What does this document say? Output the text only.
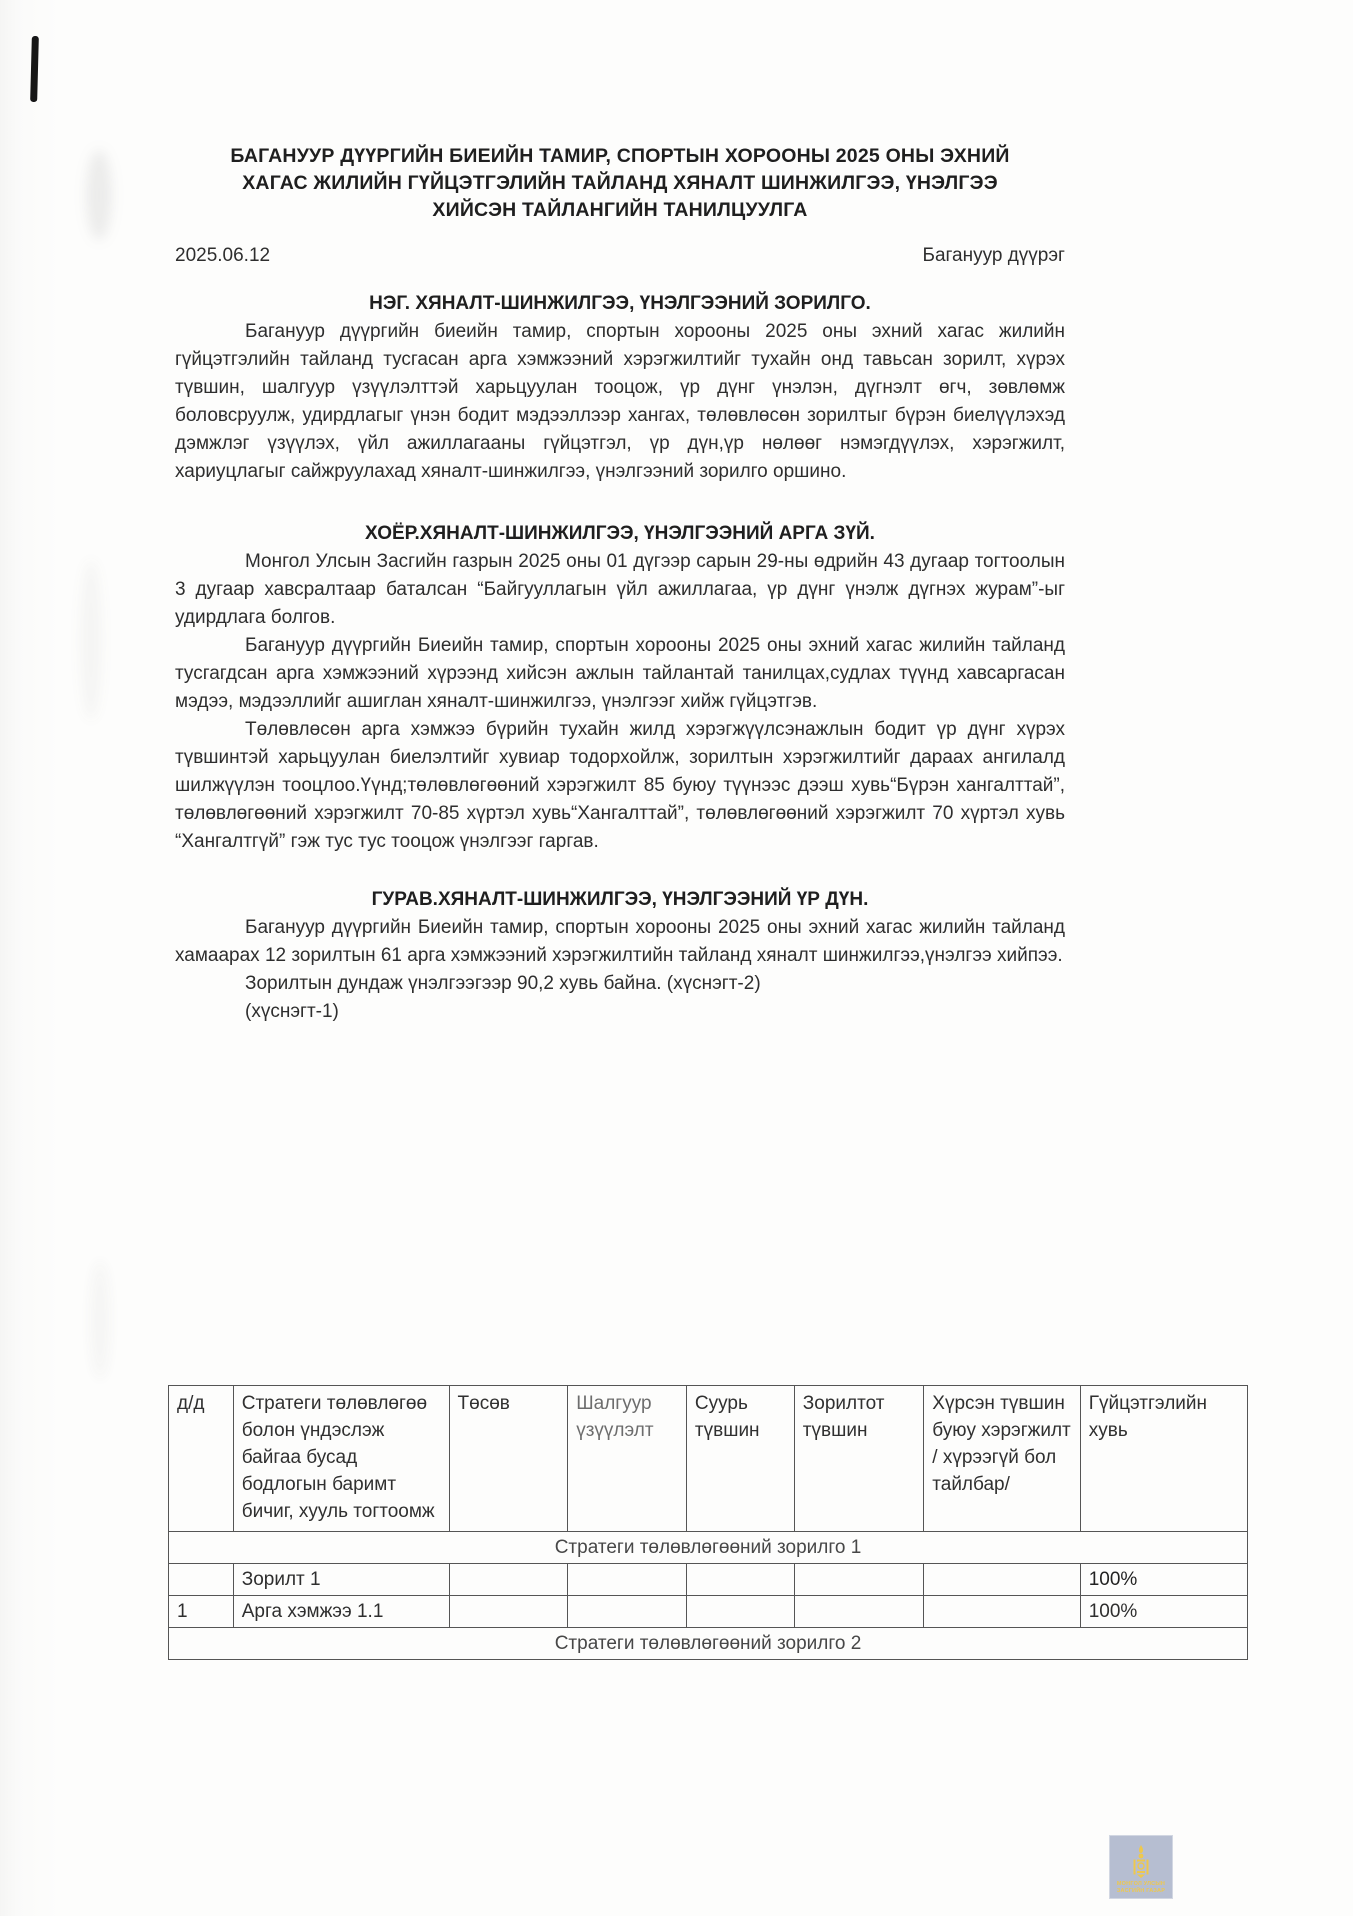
БАГАНУУР ДҮҮРГИЙН БИЕИЙН ТАМИР, СПОРТЫН ХОРООНЫ 2025 ОНЫ ЭХНИЙ ХАГАС ЖИЛИЙН ГҮЙЦЭТГЭЛИЙН ТАЙЛАНД ХЯНАЛТ ШИНЖИЛГЭЭ, ҮНЭЛГЭЭ ХИЙСЭН ТАЙЛАНГИЙН ТАНИЛЦУУЛГА
2025.06.12	Багануур дүүрэг
НЭГ. ХЯНАЛТ-ШИНЖИЛГЭЭ, ҮНЭЛГЭЭНИЙ ЗОРИЛГО.

Багануур дүүргийн биеийн тамир, спортын хорооны 2025 оны эхний хагас жилийн гүйцэтгэлийн тайланд тусгасан арга хэмжээний хэрэгжилтийг тухайн онд тавьсан зорилт, хүрэх түвшин, шалгуур үзүүлэлттэй харьцуулан тооцож, үр дүнг үнэлэн, дүгнэлт өгч, зөвлөмж боловсруулж, удирдлагыг үнэн бодит мэдээллээр хангах, төлөвлөсөн зорилтыг бүрэн биелүүлэхэд дэмжлэг үзүүлэх, үйл ажиллагааны гүйцэтгэл, үр дүн,үр нөлөөг нэмэгдүүлэх, хэрэгжилт, хариуцлагыг сайжруулахад хяналт-шинжилгээ, үнэлгээний зорилго оршино.

ХОЁР.ХЯНАЛТ-ШИНЖИЛГЭЭ, ҮНЭЛГЭЭНИЙ АРГА ЗҮЙ.

Монгол Улсын Засгийн газрын 2025 оны 01 дүгээр сарын 29-ны өдрийн 43 дугаар тогтоолын 3 дугаар хавсралтаар баталсан “Байгууллагын үйл ажиллагаа, үр дүнг үнэлж дүгнэх журам”-ыг удирдлага болгов.

Багануур дүүргийн Биеийн тамир, спортын хорооны 2025 оны эхний хагас жилийн тайланд тусгагдсан арга хэмжээний хүрээнд хийсэн ажлын тайлантай танилцах,судлах түүнд хавсаргасан мэдээ, мэдээллийг ашиглан хяналт-шинжилгээ, үнэлгээг хийж гүйцэтгэв.

Төлөвлөсөн арга хэмжээ бүрийн тухайн жилд хэрэгжүүлсэнажлын бодит үр дүнг хүрэх түвшинтэй харьцуулан биелэлтийг хувиар тодорхойлж, зорилтын хэрэгжилтийг дараах ангилалд шилжүүлэн тооцлоо.Үүнд;төлөвлөгөөний хэрэгжилт 85 буюу түүнээс дээш хувь“Бүрэн хангалттай”, төлөвлөгөөний хэрэгжилт 70-85 хүртэл хувь“Хангалттай”, төлөвлөгөөний хэрэгжилт 70 хүртэл хувь “Хангалтгүй” гэж тус тус тооцож үнэлгээг гаргав.

ГУРАВ.ХЯНАЛТ-ШИНЖИЛГЭЭ, ҮНЭЛГЭЭНИЙ ҮР ДҮН.

Багануур дүүргийн Биеийн тамир, спортын хорооны 2025 оны эхний хагас жилийн тайланд хамаарах 12 зорилтын 61 арга хэмжээний хэрэгжилтийн тайланд хяналт шинжилгээ,үнэлгээ хийпээ.

Зорилтын дундаж үнэлгээгээр 90,2 хувь байна. (хүснэгт-2)

(хүснэгт-1)

д/д	Стратеги төлөвлөгөө болон үндэслэж байгаа бусад бодлогын баримт бичиг, хууль тогтоомж	Төсөв	Шалгуур үзүүлэлт	Суурь түвшин	Зорилтот түвшин	Хүрсэн түвшин буюу хэрэгжилт / хүрээгүй бол тайлбар/	Гүйцэтгэлийн хувь
Стратеги төлөвлөгөөний зорилго 1							
	Зорилт 1						100%
1	Арга хэмжээ 1.1						100%
Стратеги төлөвлөгөөний зорилго 2							
МОНГОЛ УЛСЫН
ЗАСГИЙН ГАЗАР
